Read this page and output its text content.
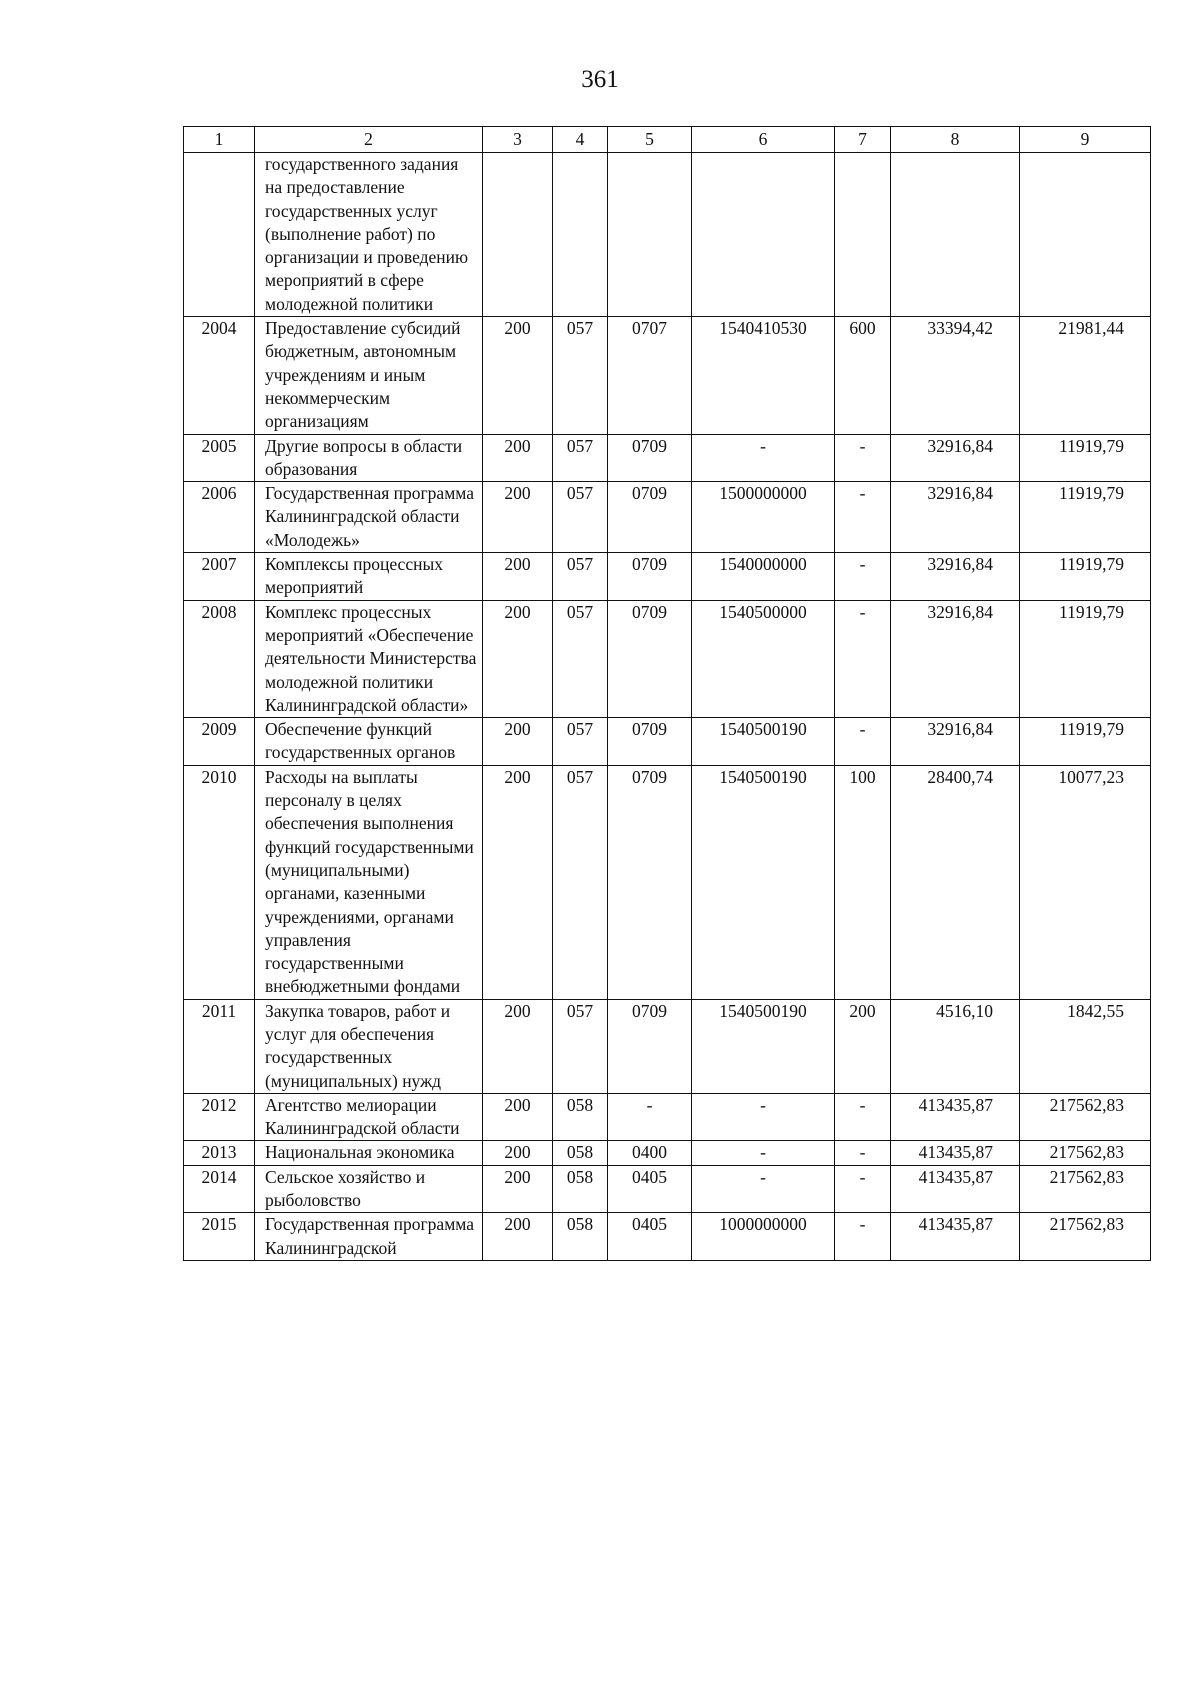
361
1	2	3	4	5	6	7	8	9
	государственного задания на предоставление государственных услуг (выполнение работ) по организации и проведению мероприятий в сфере молодежной политики							
2004	Предоставление субсидий бюджетным, автономным учреждениям и иным некоммерческим организациям	200	057	0707	1540410530	600	33394,42	21981,44
2005	Другие вопросы в области образования	200	057	0709	-	-	32916,84	11919,79
2006	Государственная программа Калининградской области «Молодежь»	200	057	0709	1500000000	-	32916,84	11919,79
2007	Комплексы процессных мероприятий	200	057	0709	1540000000	-	32916,84	11919,79
2008	Комплекс процессных мероприятий «Обеспечение деятельности Министерства молодежной политики Калининградской области»	200	057	0709	1540500000	-	32916,84	11919,79
2009	Обеспечение функций государственных органов	200	057	0709	1540500190	-	32916,84	11919,79
2010	Расходы на выплаты персоналу в целях обеспечения выполнения функций государственными (муниципальными) органами, казенными учреждениями, органами управления государственными внебюджетными фондами	200	057	0709	1540500190	100	28400,74	10077,23
2011	Закупка товаров, работ и услуг для обеспечения государственных (муниципальных) нужд	200	057	0709	1540500190	200	4516,10	1842,55
2012	Агентство мелиорации Калининградской области	200	058	-	-	-	413435,87	217562,83
2013	Национальная экономика	200	058	0400	-	-	413435,87	217562,83
2014	Сельское хозяйство и рыболовство	200	058	0405	-	-	413435,87	217562,83
2015	Государственная программа Калининградской	200	058	0405	1000000000	-	413435,87	217562,83
